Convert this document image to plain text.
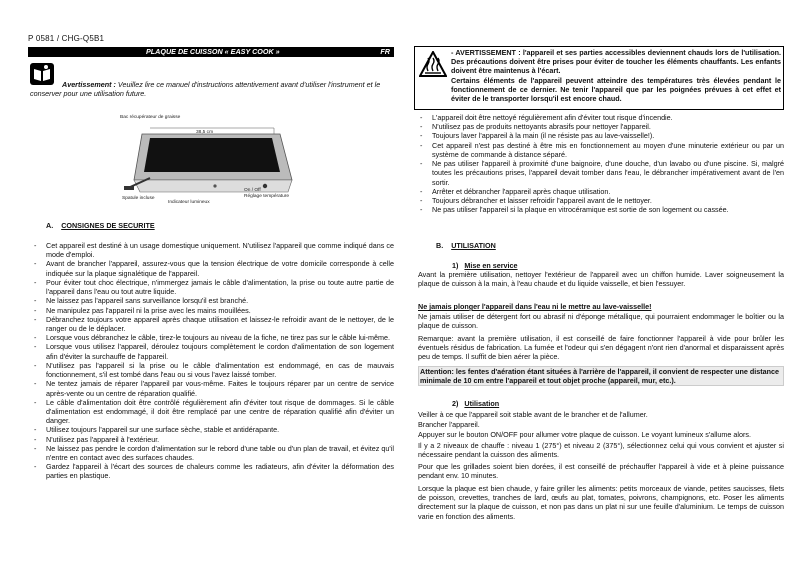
P 0581 / CHG-Q5B1
PLAQUE DE CUISSON « EASY COOK »	FR
Avertissement : Veuillez lire ce manuel d'instructions attentivement avant d'utiliser l'instrument et le conserver pour une utilisation future.
Bac récupérateur de graisse
38,5 cm
Spatule incluse
Indicateur lumineux
On / Off
Réglage température
A. CONSIGNES DE SECURITE
- Cet appareil est destiné à un usage domestique uniquement. N'utilisez l'appareil que comme indiqué dans ce mode d'emploi.
- Avant de brancher l'appareil, assurez-vous que la tension électrique de votre domicile correspondе à celle indiquée sur la plaque signalétique de l'appareil.
- Pour éviter tout choc électrique, n'immergez jamais le câble d'alimentation, la prise ou toute autre partie de l'appareil dans l'eau ou tout autre liquide.
- Ne laissez pas l'appareil sans surveillance lorsqu'il est branché.
- Ne manipulez pas l'appareil ni la prise avec les mains mouillées.
- Débranchez toujours votre appareil après chaque utilisation et laissez-le refroidir avant de le nettoyer, de le ranger ou de le déplacer.
- Lorsque vous débranchez le câble, tirez-le toujours au niveau de la fiche, ne tirez pas sur le câble lui-même.
- Lorsque vous utilisez l'appareil, déroulez toujours complètement le cordon d'alimentation de son logement afin d'éviter la surchauffe de l'appareil.
- N'utilisez pas l'appareil si la prise ou le câble d'alimentation est endommagé, en cas de mauvais fonctionnement, s'il est tombé dans l'eau ou si vous l'avez laissé tomber.
- Ne tentez jamais de réparer l'appareil par vous-même. Faites le toujours réparer par un centre de service après-vente ou un centre de réparation qualifié.
- Le câble d'alimentation doit être contrôlé régulièrement afin d'éviter tout risque de dommages. Si le câble d'alimentation est endommagé, il doit être remplacé par une centre de réparation qualifié afin d'éviter un danger.
- Utilisez toujours l'appareil sur une surface sèche, stable et antidérapante.
- N'utilisez pas l'appareil à l'extérieur.
- Ne laissez pas pendre le cordon d'alimentation sur le rebord d'une table ou d'un plan de travail, et évitez qu'il n'entre en contact avec des surfaces chaudes.
- Gardez l'appareil à l'écart des sources de chaleurs comme les radiateurs, afin d'éviter la déformation des parties en plastique.
- AVERTISSEMENT : l'appareil et ses parties accessibles deviennent chauds lors de l'utilisation. Des précautions doivent être prises pour éviter de toucher les éléments chauffants. Les enfants doivent être maintenus à l'écart.
Certains éléments de l'appareil peuvent atteindre des températures très élevées pendant le fonctionnement de ce dernier. Ne tenir l'appareil que par les poignées prévues à cet effet et éviter de le transporter lorsqu'il est encore chaud.
- L'appareil doit être nettoyé régulièrement afin d'éviter tout risque d'incendie.
- N'utilisez pas de produits nettoyants abrasifs pour nettoyer l'appareil.
- Toujours laver l'appareil à la main (il ne résiste pas au lave-vaisselle!).
- Cet appareil n'est pas destiné à être mis en fonctionnement au moyen d'une minuterie extérieur ou par un système de commande à distance séparé.
- Ne pas utiliser l'appareil à proximité d'une baignoire, d'une douche, d'un lavabo ou d'une piscine. Si, malgré toutes les précautions prises, l'appareil devait tomber dans l'eau, le débrancher impérativement avant de l'en sortir.
- Arrêter et débrancher l'appareil après chaque utilisation.
- Toujours débrancher et laisser refroidir l'appareil avant de le nettoyer.
- Ne pas utiliser l'appareil si la plaque en vitrocéramique est sortie de son logement ou cassée.
B. UTILISATION
1) Mise en service
Avant la première utilisation, nettoyer l'extérieur de l'appareil avec un chiffon humide. Laver soigneusement la plaque de cuisson à la main, à l'eau chaude et du liquide vaisselle, et bien l'essuyer.
Ne jamais plonger l'appareil dans l'eau ni le mettre au lave-vaisselle!
Ne jamais utiliser de détergent fort ou abrasif ni d'éponge métallique, qui pourraient endommager le boîtier ou la plaque de cuisson.
Remarque: avant la première utilisation, il est conseillé de faire fonctionner l'appareil à vide pour brûler les éventuels résidus de fabrication. La fumée et l'odeur qui s'en dégagent n'ont rien d'anormal et disparaissent après peu de temps. Il suffit de bien aérer la pièce.
Attention: les fentes d'aération étant situées à l'arrière de l'appareil, il convient de respecter une distance minimale de 10 cm entre l'appareil et tout objet proche (appareil, mur, etc.).
2) Utilisation
Veiller à ce que l'appareil soit stable avant de le brancher et de l'allumer.
Brancher l'appareil.
Appuyer sur le bouton ON/OFF pour allumer votre plaque de cuisson. Le voyant lumineux s'allume alors.
Il y a 2 niveaux de chauffe : niveau 1 (275°) et niveau 2 (375°), sélectionnez celui qui vous convient et ajuster si nécessaire pendant la cuisson des aliments.
Pour que les grillades soient bien dorées, il est conseillé de préchauffer l'appareil à vide et à pleine puissance pendant env. 10 minutes.
Lorsque la plaque est bien chaude, y faire griller les aliments: petits morceaux de viande, petites saucisses, filets de poisson, crevettes, tranches de lard, œufs au plat, tomates, poivrons, champignons, etc. Poser les aliments directement sur la plaque de cuisson, et non pas dans un plat ni sur une feuille d'aluminium. Le temps de cuisson varie en fonction des aliments.
